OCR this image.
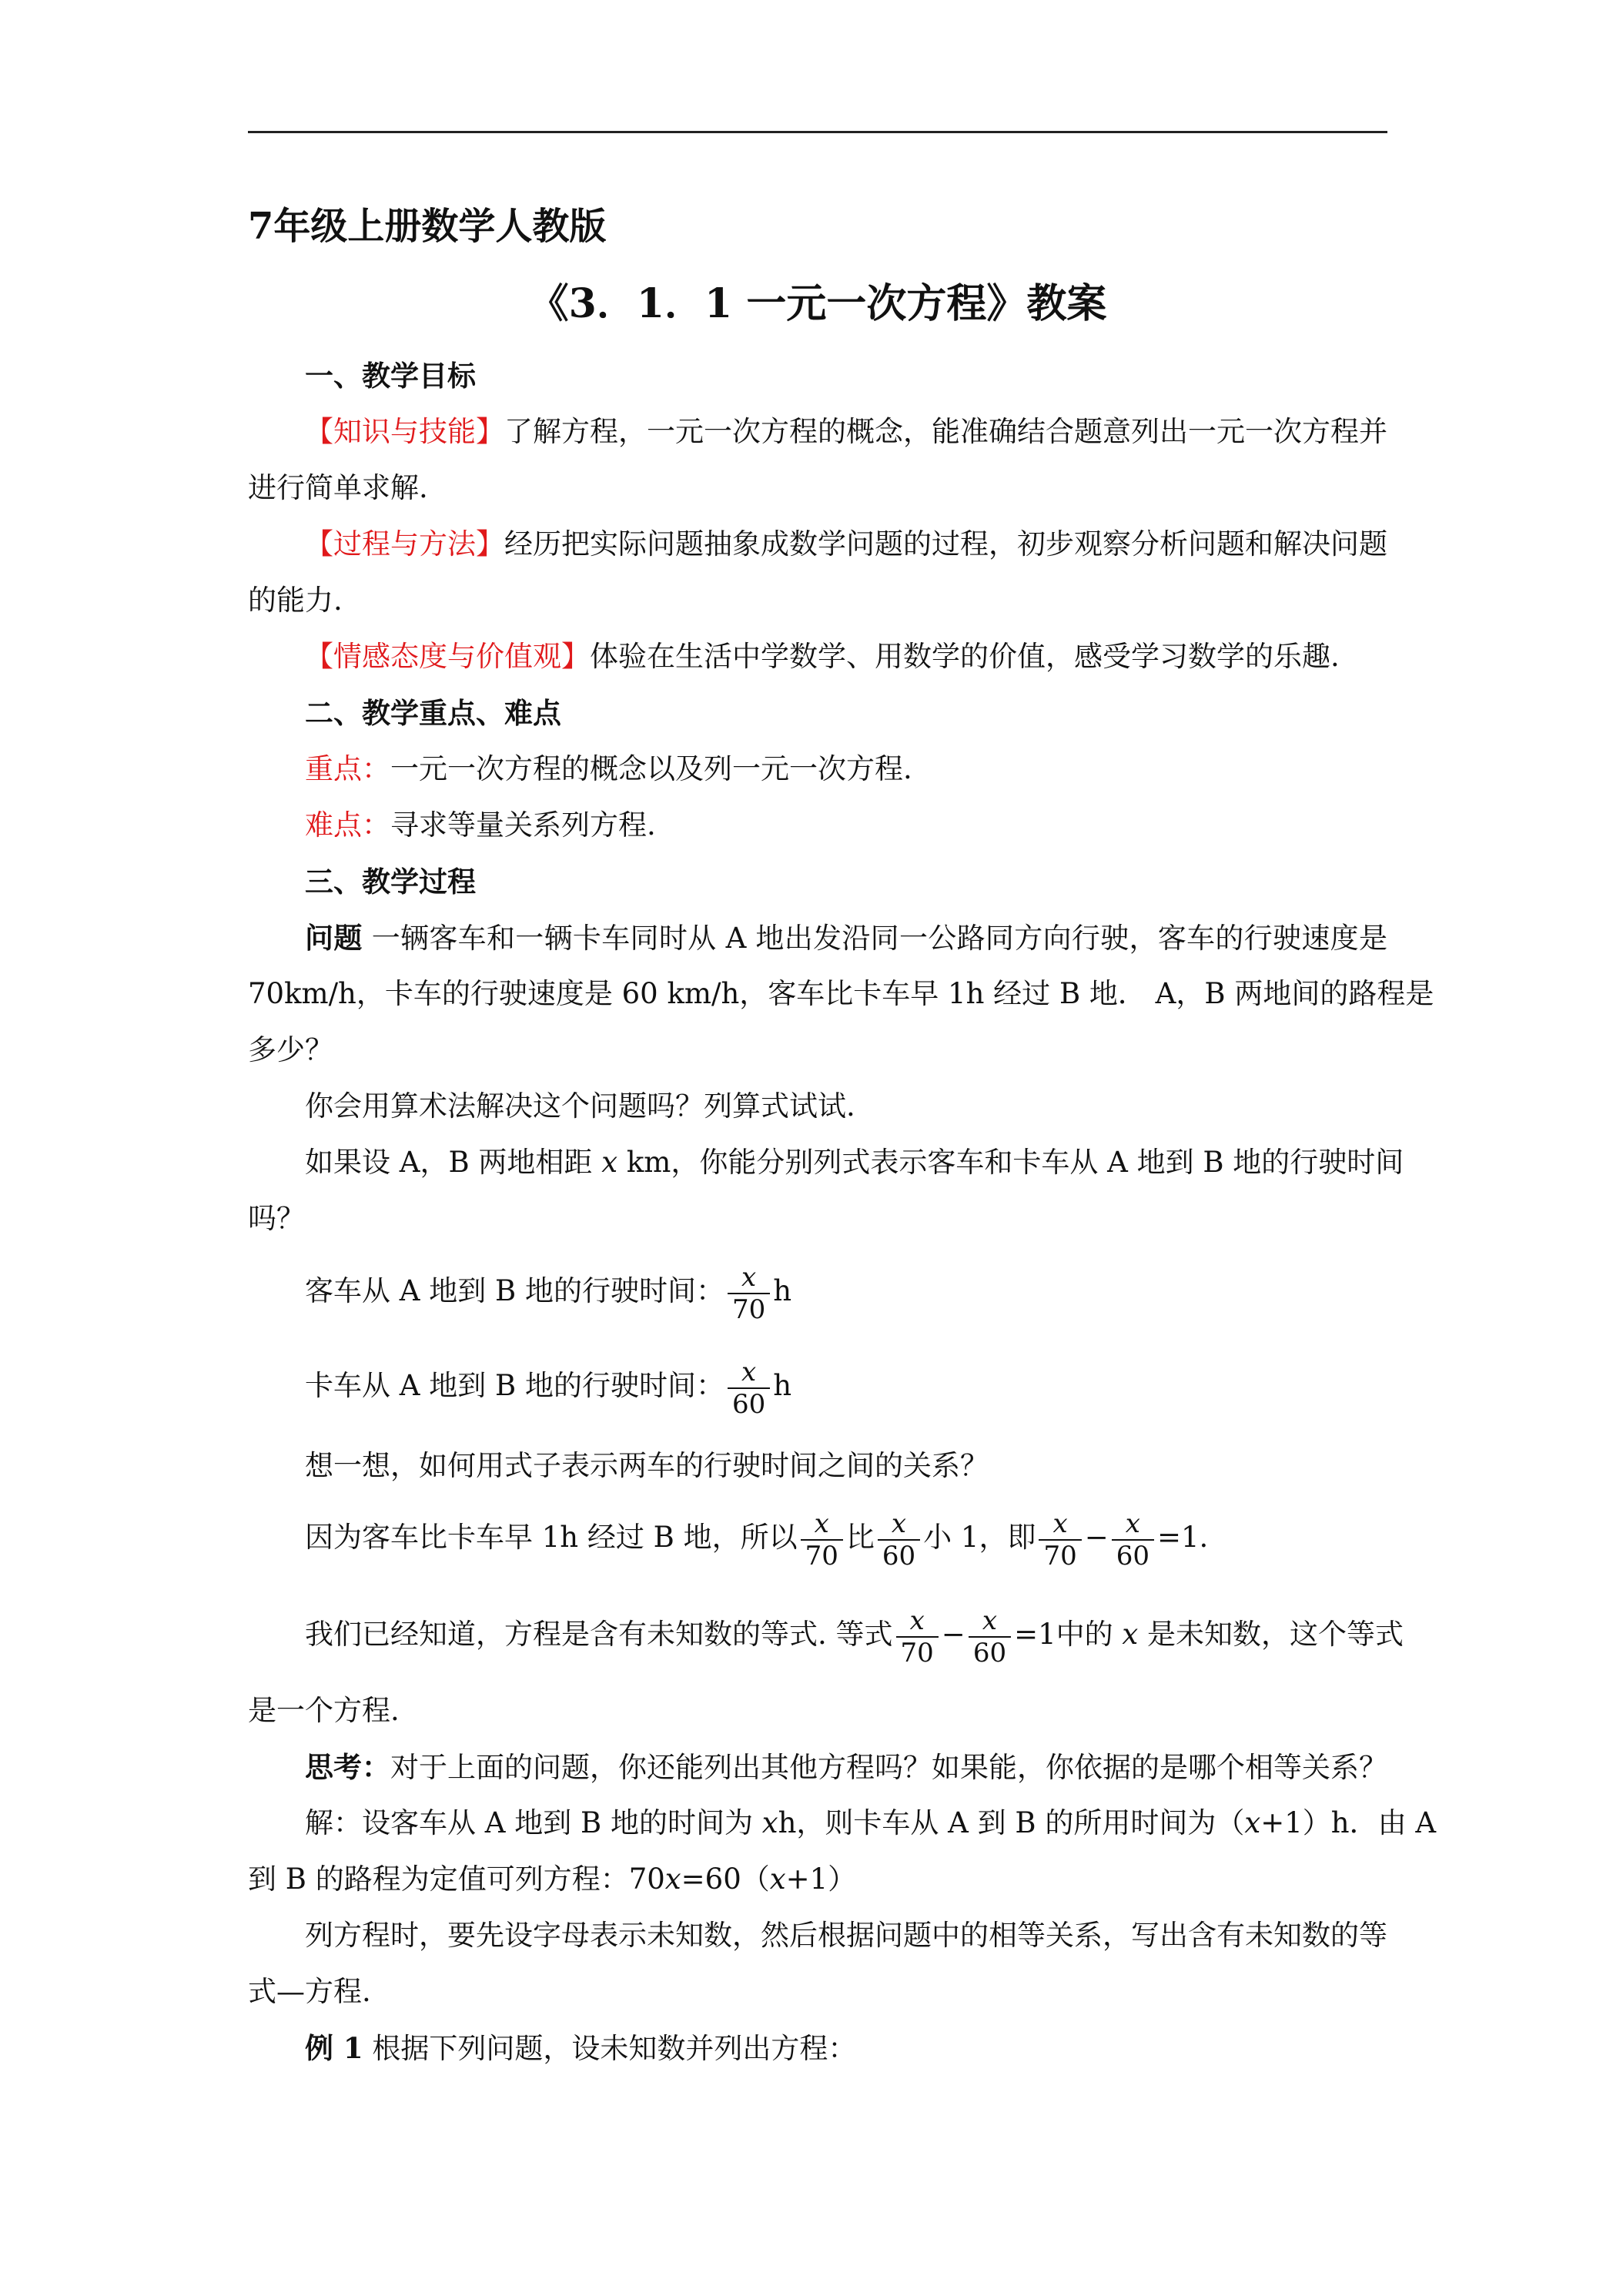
7年级上册数学人教版
《3．1．1 一元一次方程》教案
一、教学目标
【知识与技能】了解方程，一元一次方程的概念，能准确结合题意列出一元一次方程并
进行简单求解.
【过程与方法】经历把实际问题抽象成数学问题的过程，初步观察分析问题和解决问题
的能力.
【情感态度与价值观】体验在生活中学数学、用数学的价值，感受学习数学的乐趣.
二、教学重点、难点
重点：一元一次方程的概念以及列一元一次方程.
难点：寻求等量关系列方程.
三、教学过程
问题 一辆客车和一辆卡车同时从 A 地出发沿同一公路同方向行驶，客车的行驶速度是
70km/h，卡车的行驶速度是 60 km/h，客车比卡车早 1h 经过 B 地． A，B 两地间的路程是
多少？
你会用算术法解决这个问题吗？列算式试试.
如果设 A，B 两地相距 x km，你能分别列式表示客车和卡车从 A 地到 B 地的行驶时间
吗？
客车从 A 地到 B 地的行驶时间： $\frac{x}{70}$ h
卡车从 A 地到 B 地的行驶时间： $\frac{x}{60}$ h
想一想，如何用式子表示两车的行驶时间之间的关系？
因为客车比卡车早 1h 经过 B 地，所以 $\frac{x}{70}$ 比 $\frac{x}{60}$ 小 1，即 $\frac{x}{70} - \frac{x}{60} =1$.
我们已经知道，方程是含有未知数的等式. 等式 $\frac{x}{70} - \frac{x}{60} =1$中的 x 是未知数，这个等式
是一个方程.
思考：对于上面的问题，你还能列出其他方程吗？如果能，你依据的是哪个相等关系？
解：设客车从 A 地到 B 地的时间为 xh，则卡车从 A 到 B 的所用时间为（x+1）h．由 A
到 B 的路程为定值可列方程：70x=60（x+1）
列方程时，要先设字母表示未知数，然后根据问题中的相等关系，写出含有未知数的等
式—方程.
例 1 根据下列问题，设未知数并列出方程：
